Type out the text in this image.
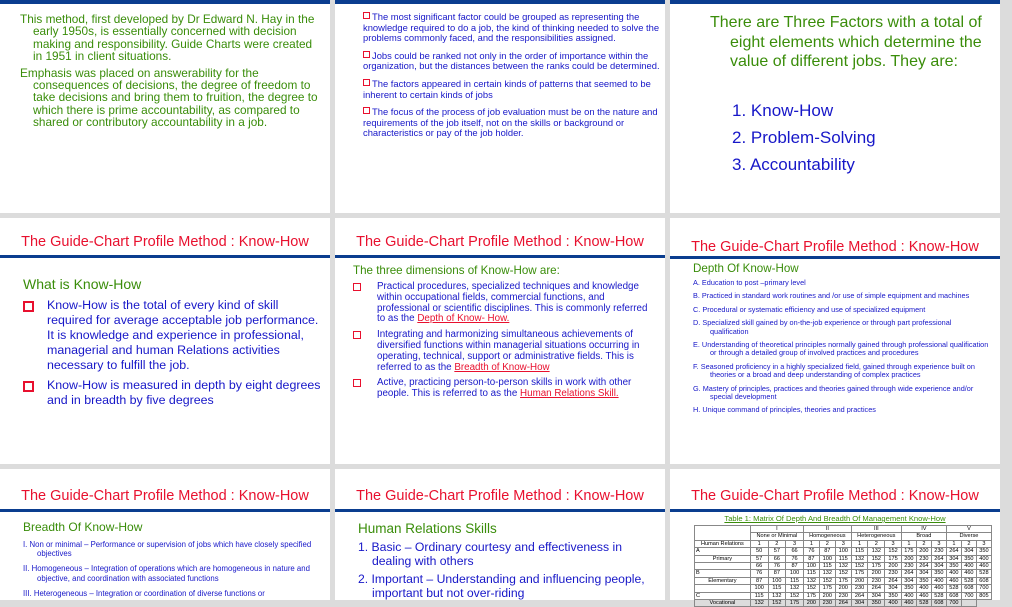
This method, first developed by Dr Edward N. Hay in the early 1950s, is essentially concerned with decision making and responsibility. Guide Charts were created in 1951 in client situations.

Emphasis was placed on answerability for the consequences of decisions, the degree of freedom to take decisions and bring them to fruition, the degree to which there is prime accountability, as compared to shared or contributory accountability in a job.

The most significant factor could be grouped as representing the knowledge required to do a job, the kind of thinking needed to solve the problems commonly faced, and the responsibilities assigned.

Jobs could be ranked not only in the order of importance within the organization, but the distances between the ranks could be determined.

The factors appeared in certain kinds of patterns that seemed to be inherent to certain kinds of jobs

The focus of the process of job evaluation must be on the nature and requirements of the job itself, not on the skills or background or characteristics or pay of the job holder.

There are Three Factors with a total of eight elements which determine the value of different jobs. They are:

1. Know-How

2. Problem-Solving

3. Accountability

The Guide-Chart Profile Method : Know-How

What is Know-How

Know-How is the total of every kind of skill required for average acceptable job performance. It is knowledge and experience in professional, managerial and human Relations activities necessary to fulfill the job.
Know-How is measured in depth by eight degrees and in breadth by five degrees
The Guide-Chart Profile Method : Know-How

The three dimensions of Know-How are:

Practical procedures, specialized techniques and knowledge within occupational fields, commercial functions, and professional or scientific disciplines. This is commonly referred to as the Depth of Know- How.
Integrating and harmonizing simultaneous achievements of diversified functions within managerial situations occurring in operating, technical, support or administrative fields. This is referred to as the Breadth of Know-How
Active, practicing person-to-person skills in work with other people. This is referred to as the Human Relations Skill.
The Guide-Chart Profile Method : Know-How

Depth Of Know-How

A. Education to post –primary level

B. Practiced in standard work routines and /or use of simple equipment and machines

C. Procedural or systematic efficiency and use of specialized equipment

D. Specialized skill gained by on-the-job experience or through part professional qualification

E. Understanding of theoretical principles normally gained through professional qualification or through a detailed group of involved practices and procedures

F. Seasoned proficiency in a highly specialized field, gained through experience built on theories or a broad and deep understanding of complex practices

G. Mastery of principles, practices and theories gained through wide experience and/or special development

H. Unique command of principles, theories and practices

The Guide-Chart Profile Method : Know-How

Breadth Of Know-How

I. Non or minimal – Performance or supervision of jobs which have closely specified objectives

II. Homogeneous – Integration of operations which are homogeneous in nature and objective, and coordination with associated functions

III. Heterogeneous – Integration or coordination of diverse functions or

The Guide-Chart Profile Method : Know-How

Human Relations Skills

1. Basic – Ordinary courtesy and effectiveness in dealing with others

2. Important – Understanding and influencing people, important but not over-riding

The Guide-Chart Profile Method : Know-How

Table 1: Matrix Of Depth And Breadth Of Management Know-How

	I			II			III			IV			V		
	None or Minimal			Homogeneous			Heterogeneous			Broad			Diverse		
Human Relations	1	2	3	1	2	3	1	2	3	1	2	3	1	2	3
A	50	57	66	76	87	100	115	132	152	175	200	230	264	304	350
Primary	57	66	76	87	100	115	132	152	175	200	230	264	304	350	400
	66	76	87	100	115	132	152	175	200	230	264	304	350	400	460
B	76	87	100	115	132	152	175	200	230	264	304	350	400	460	528
Elementary	87	100	115	132	152	175	200	230	264	304	350	400	460	528	608
	100	115	132	152	175	200	230	264	304	350	400	460	528	608	700
C	115	132	152	175	200	230	264	304	350	400	460	528	608	700	805
Vocational	132	152	175	200	230	264	304	350	400	460	528	608	700		
